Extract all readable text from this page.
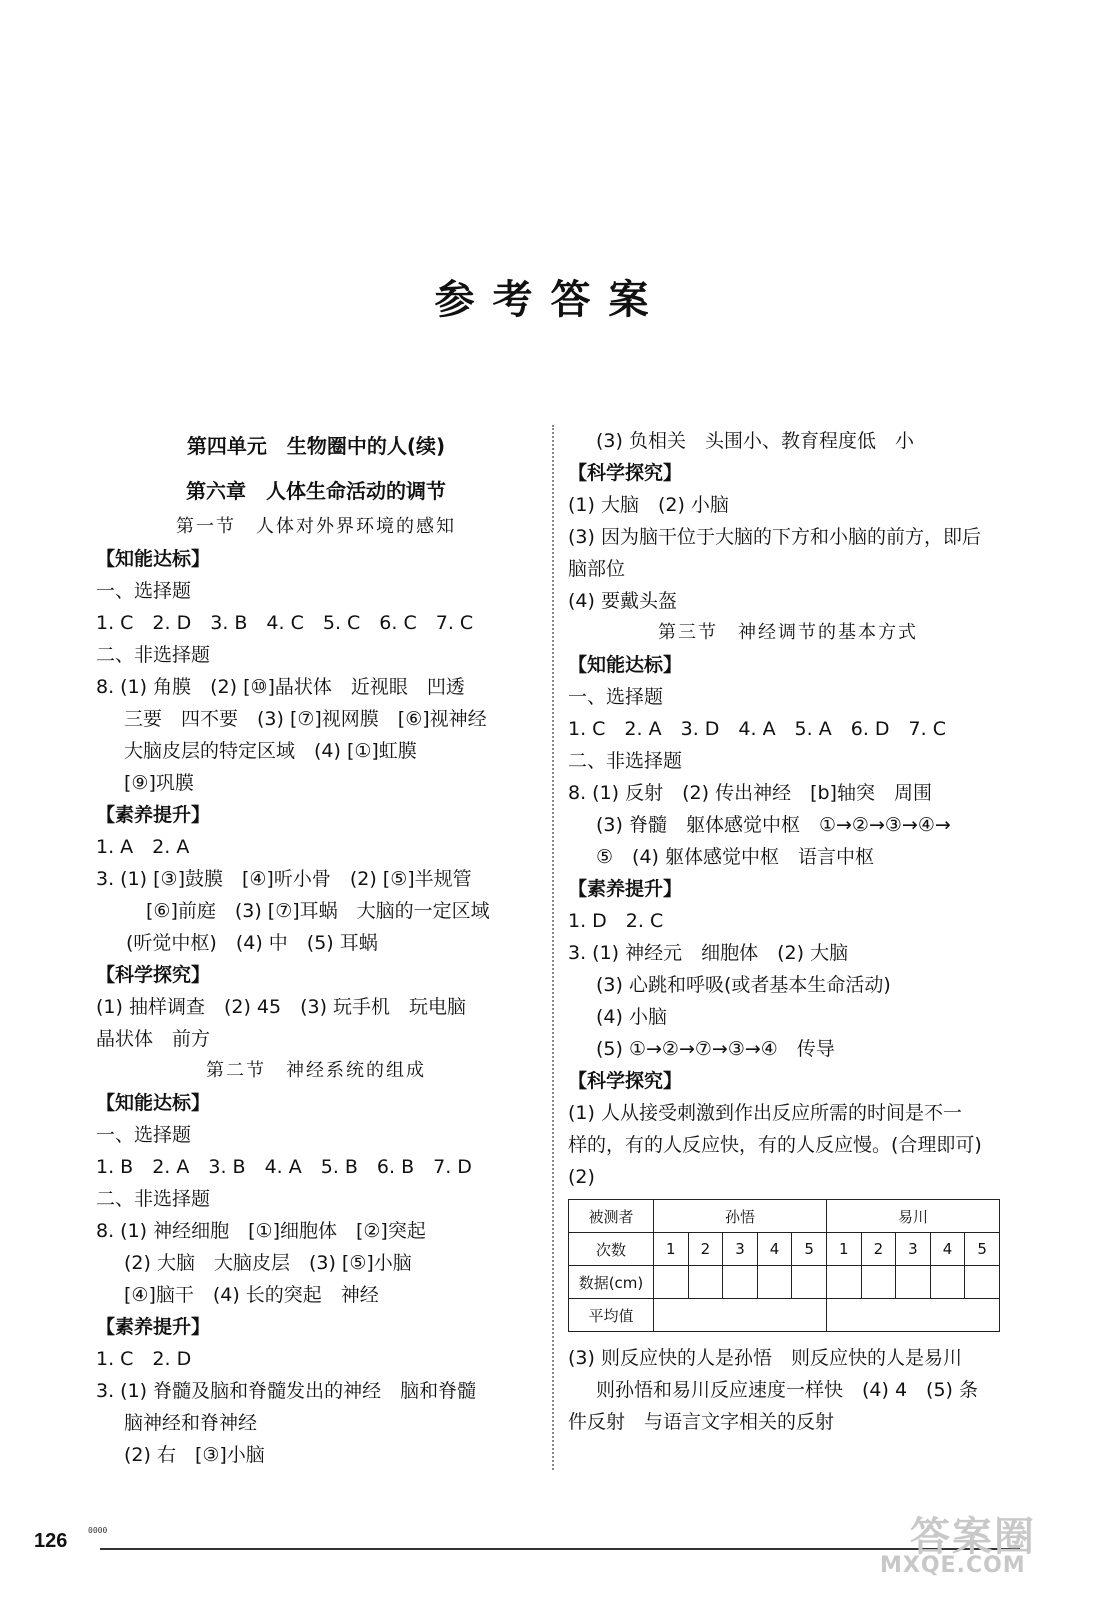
参考答案
第四单元　生物圈中的人(续)
第六章　人体生命活动的调节
第一节　人体对外界环境的感知
【知能达标】
一、选择题
1. C　2. D　3. B　4. C　5. C　6. C　7. C
二、非选择题
8. (1) 角膜　(2) [⑩]晶状体　近视眼　凹透
三要　四不要　(3) [⑦]视网膜　[⑥]视神经
大脑皮层的特定区域　(4) [①]虹膜
[⑨]巩膜
【素养提升】
1. A　2. A
3. (1) [③]鼓膜　[④]听小骨　(2) [⑤]半规管
[⑥]前庭　(3) [⑦]耳蜗　大脑的一定区域
(听觉中枢)　(4) 中　(5) 耳蜗
【科学探究】
(1) 抽样调查　(2) 45　(3) 玩手机　玩电脑
晶状体　前方
第二节　神经系统的组成
【知能达标】
一、选择题
1. B　2. A　3. B　4. A　5. B　6. B　7. D
二、非选择题
8. (1) 神经细胞　[①]细胞体　[②]突起
(2) 大脑　大脑皮层　(3) [⑤]小脑
[④]脑干　(4) 长的突起　神经
【素养提升】
1. C　2. D
3. (1) 脊髓及脑和脊髓发出的神经　脑和脊髓
脑神经和脊神经
(2) 右　[③]小脑
(3) 负相关　头围小、教育程度低　小
【科学探究】
(1) 大脑　(2) 小脑
(3) 因为脑干位于大脑的下方和小脑的前方，即后
脑部位
(4) 要戴头盔
第三节　神经调节的基本方式
【知能达标】
一、选择题
1. C　2. A　3. D　4. A　5. A　6. D　7. C
二、非选择题
8. (1) 反射　(2) 传出神经　[b]轴突　周围
(3) 脊髓　躯体感觉中枢　①→②→③→④→
⑤　(4) 躯体感觉中枢　语言中枢
【素养提升】
1. D　2. C
3. (1) 神经元　细胞体　(2) 大脑
(3) 心跳和呼吸(或者基本生命活动)
(4) 小脑
(5) ①→②→⑦→③→④　传导
【科学探究】
(1) 人从接受刺激到作出反应所需的时间是不一
样的，有的人反应快，有的人反应慢。(合理即可)
(2)
被测者	孙悟					易川				
次数	1	2	3	4	5	1	2	3	4	5
数据(cm)										
平均值										
(3) 则反应快的人是孙悟　则反应快的人是易川
则孙悟和易川反应速度一样快　(4) 4　(5) 条
件反射　与语言文字相关的反射
126	0000	答案圈
MXQE.COM
